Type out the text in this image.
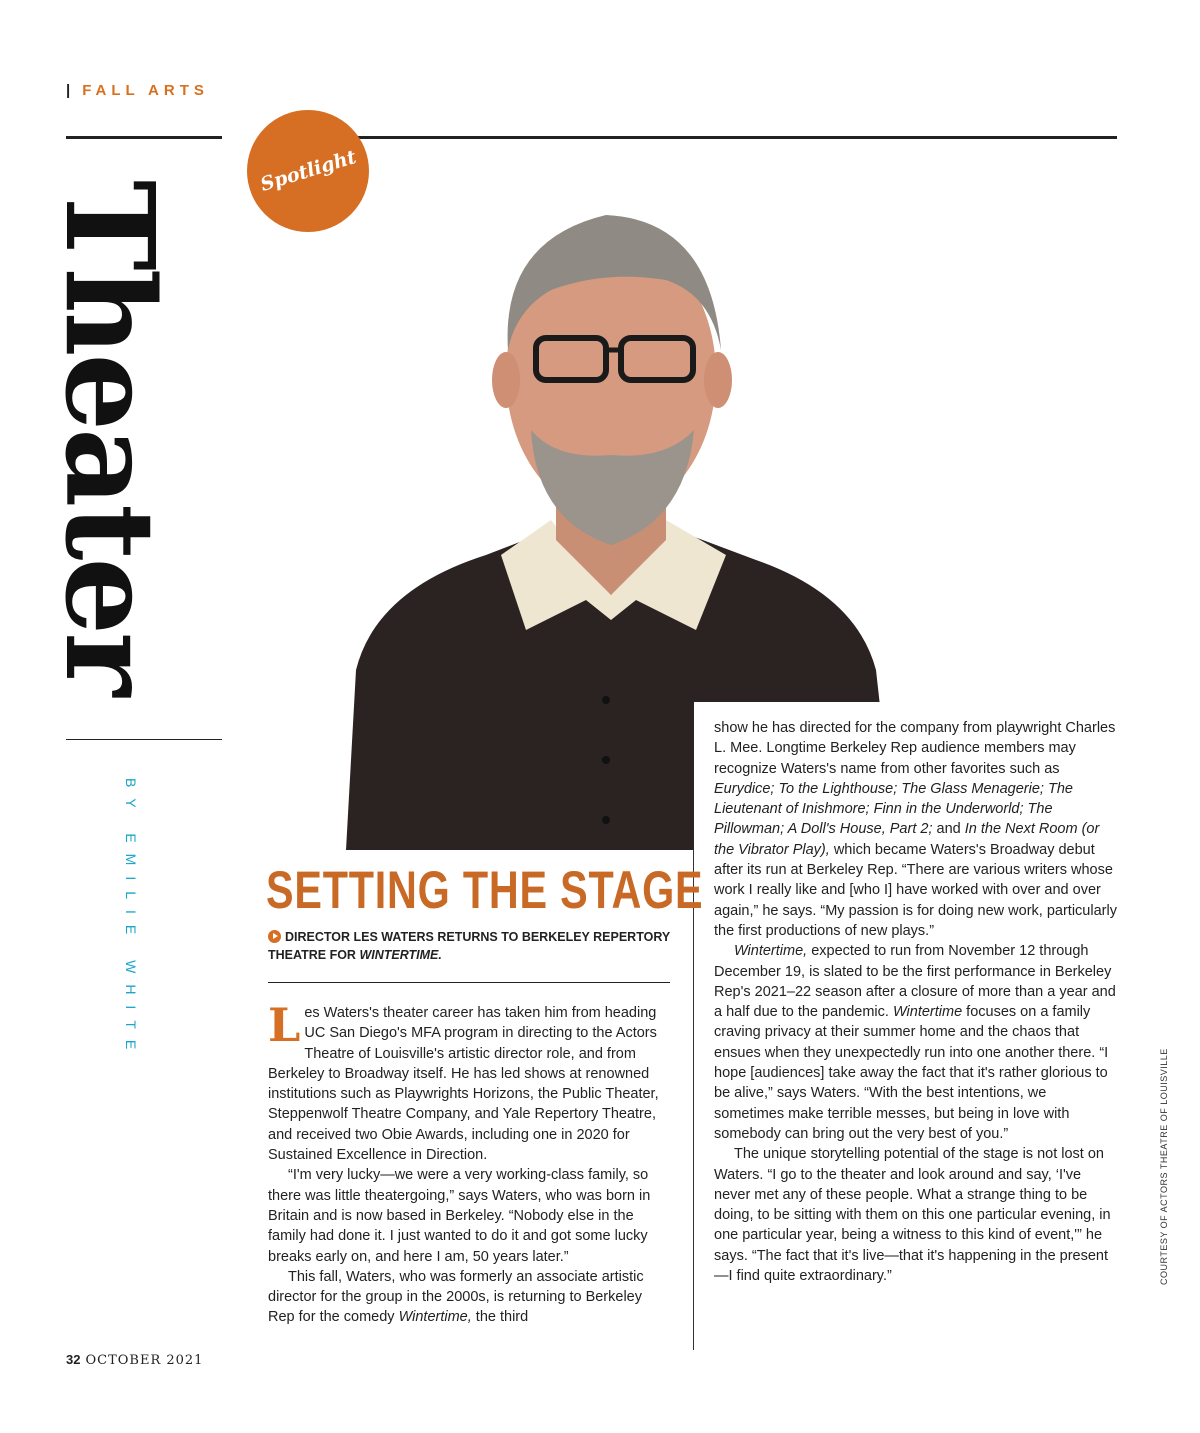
| FALL ARTS
Theater
BY EMILIE WHITE
Spotlight
SETTING THE STAGE
DIRECTOR LES WATERS RETURNS TO BERKELEY REPERTORY THEATRE FOR WINTERTIME.

Les Waters's theater career has taken him from heading UC San Diego's MFA program in directing to the Actors Theatre of Louisville's artistic director role, and from Berkeley to Broadway itself. He has led shows at renowned institutions such as Playwrights Horizons, the Public Theater, Steppenwolf Theatre Company, and Yale Repertory Theatre, and received two Obie Awards, including one in 2020 for Sustained Excellence in Direction.

“I'm very lucky—we were a very working-class family, so there was little theatergoing,” says Waters, who was born in Britain and is now based in Berkeley. “Nobody else in the family had done it. I just wanted to do it and got some lucky breaks early on, and here I am, 50 years later.”

This fall, Waters, who was formerly an associate artistic director for the group in the 2000s, is returning to Berkeley Rep for the comedy Wintertime, the third

show he has directed for the company from playwright Charles L. Mee. Longtime Berkeley Rep audience members may recognize Waters's name from other favorites such as Eurydice; To the Lighthouse; The Glass Menagerie; The Lieutenant of Inishmore; Finn in the Underworld; The Pillowman; A Doll's House, Part 2; and In the Next Room (or the Vibrator Play), which became Waters's Broadway debut after its run at Berkeley Rep. “There are various writers whose work I really like and [who I] have worked with over and over again,” he says. “My passion is for doing new work, particularly the first productions of new plays.”

Wintertime, expected to run from November 12 through December 19, is slated to be the first performance in Berkeley Rep's 2021–22 season after a closure of more than a year and a half due to the pandemic. Wintertime focuses on a family craving privacy at their summer home and the chaos that ensues when they unexpectedly run into one another there. “I hope [audiences] take away the fact that it's rather glorious to be alive,” says Waters. “With the best intentions, we sometimes make terrible messes, but being in love with somebody can bring out the very best of you.”

The unique storytelling potential of the stage is not lost on Waters. “I go to the theater and look around and say, ‘I've never met any of these people. What a strange thing to be doing, to be sitting with them on this one particular evening, in one particular year, being a witness to this kind of event,'” he says. “The fact that it's live—that it's happening in the present—I find quite extraordinary.”	COURTESY OF ACTORS THEATRE OF LOUISVILLE
32 OCTOBER 2021
